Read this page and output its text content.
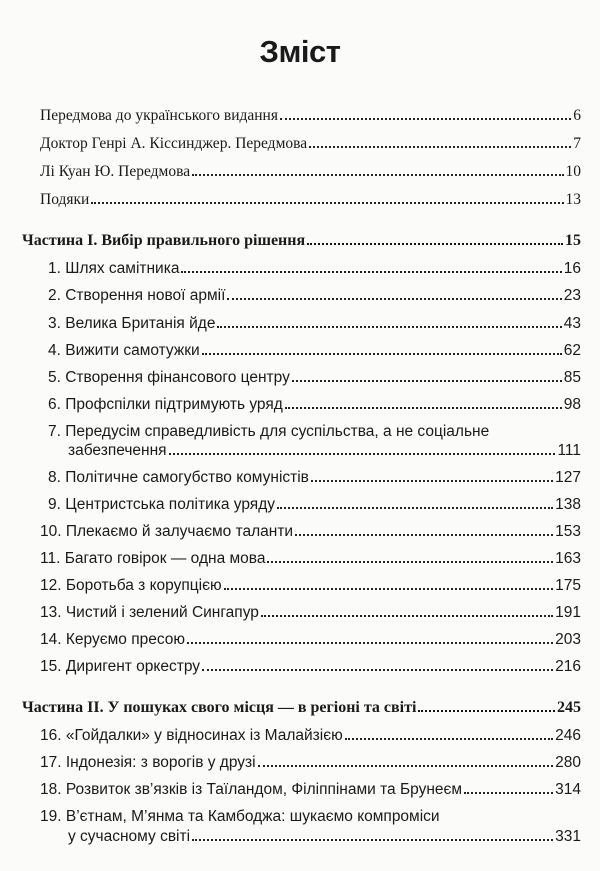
Зміст
Передмова до українського видання	6
Доктор Генрі А. Кіссинджер. Передмова	7
Лі Куан Ю. Передмова	10
Подяки	13
Частина I. Вибір правильного рішення	15
1. Шлях самітника	16
2. Створення нової армії	23
3. Велика Британія йде	43
4. Вижити самотужки	62
5. Створення фінансового центру	85
6. Профспілки підтримують уряд	98
7. Передусім справедливість для суспільства, а не соціальне
забезпечення	111
8. Політичне самогубство комуністів	127
9. Центристська політика уряду	138
10. Плекаємо й залучаємо таланти	153
11. Багато говірок — одна мова	163
12. Боротьба з корупцією	175
13. Чистий і зелений Сингапур	191
14. Керуємо пресою	203
15. Диригент оркестру	216
Частина II. У пошуках свого місця — в регіоні та світі	245
16. «Гойдалки» у відносинах із Малайзією	246
17. Індонезія: з ворогів у друзі	280
18. Розвиток зв’язків із Таїландом, Філіппінами та Брунеєм	314
19. В’єтнам, М’янма та Камбоджа: шукаємо компроміси
у сучасному світі	331
